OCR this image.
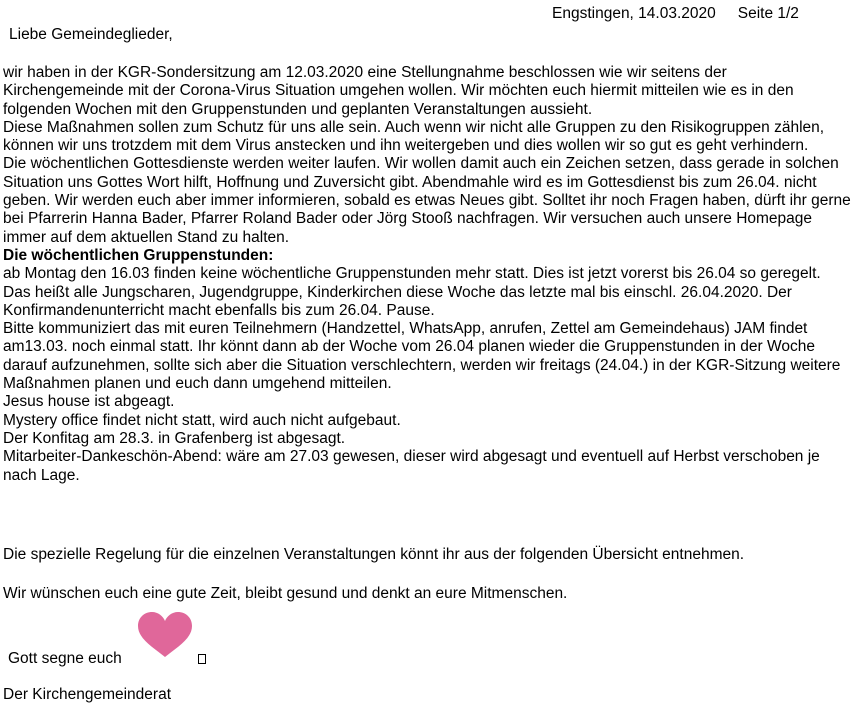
Engstingen, 14.03.2020 Seite 1/2
Liebe Gemeindeglieder,

wir haben in der KGR-Sondersitzung am 12.03.2020 eine Stellungnahme beschlossen wie wir seitens der Kirchengemeinde mit der Corona-Virus Situation umgehen wollen. Wir möchten euch hiermit mitteilen wie es in den folgenden Wochen mit den Gruppenstunden und geplanten Veranstaltungen aussieht.

Diese Maßnahmen sollen zum Schutz für uns alle sein. Auch wenn wir nicht alle Gruppen zu den Risikogruppen zählen, können wir uns trotzdem mit dem Virus anstecken und ihn weitergeben und dies wollen wir so gut es geht verhindern.

Die wöchentlichen Gottesdienste werden weiter laufen. Wir wollen damit auch ein Zeichen setzen, dass gerade in solchen Situation uns Gottes Wort hilft, Hoffnung und Zuversicht gibt. Abendmahle wird es im Gottesdienst bis zum 26.04. nicht geben. Wir werden euch aber immer informieren, sobald es etwas Neues gibt. Solltet ihr noch Fragen haben, dürft ihr gerne bei Pfarrerin Hanna Bader, Pfarrer Roland Bader oder Jörg Stooß nachfragen. Wir versuchen auch unsere Homepage immer auf dem aktuellen Stand zu halten.

Die wöchentlichen Gruppenstunden:

ab Montag den 16.03 finden keine wöchentliche Gruppenstunden mehr statt. Dies ist jetzt vorerst bis 26.04 so geregelt. Das heißt alle Jungscharen, Jugendgruppe, Kinderkirchen diese Woche das letzte mal bis einschl. 26.04.2020. Der Konfirmandenunterricht macht ebenfalls bis zum 26.04. Pause.

Bitte kommuniziert das mit euren Teilnehmern (Handzettel, WhatsApp, anrufen, Zettel am Gemeindehaus) JAM findet am13.03. noch einmal statt. Ihr könnt dann ab der Woche vom 26.04 planen wieder die Gruppenstunden in der Woche darauf aufzunehmen, sollte sich aber die Situation verschlechtern, werden wir freitags (24.04.) in der KGR-Sitzung weitere Maßnahmen planen und euch dann umgehend mitteilen.

Jesus house ist abgeagt.

Mystery office findet nicht statt, wird auch nicht aufgebaut.

Der Konfitag am 28.3. in Grafenberg ist abgesagt.

Mitarbeiter-Dankeschön-Abend: wäre am 27.03 gewesen, dieser wird abgesagt und eventuell auf Herbst verschoben je nach Lage.

Die spezielle Regelung für die einzelnen Veranstaltungen könnt ihr aus der folgenden Übersicht entnehmen.
Wir wünschen euch eine gute Zeit, bleibt gesund und denkt an eure Mitmenschen.
Gott segne euch
Der Kirchengemeinderat
